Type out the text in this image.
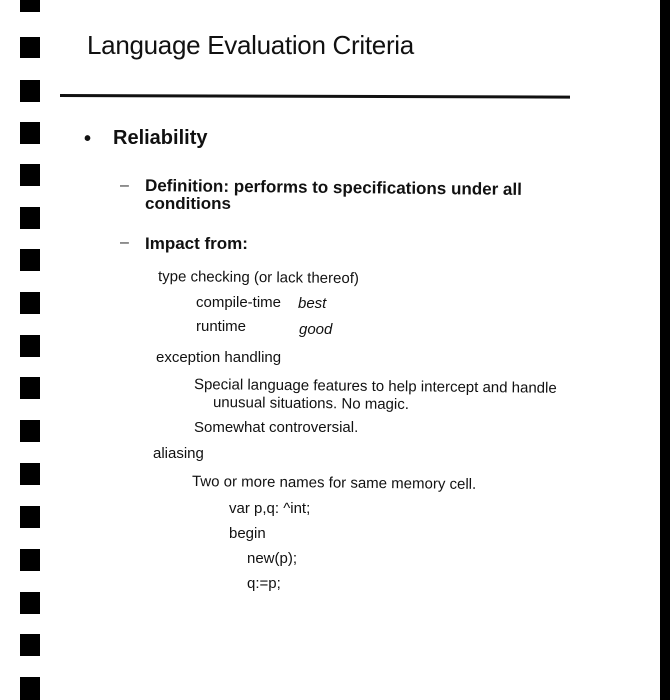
Language Evaluation Criteria
• Reliability
– Definition: performs to specifications under all
conditions
– Impact from:
type checking (or lack thereof)
compile-time best
runtime	good
exception handling
Special language features to help intercept and handle
unusual situations. No magic.
Somewhat controversial.
aliasing
Two or more names for same memory cell.
var p,q: ^int;
begin
new(p);
q:=p;
